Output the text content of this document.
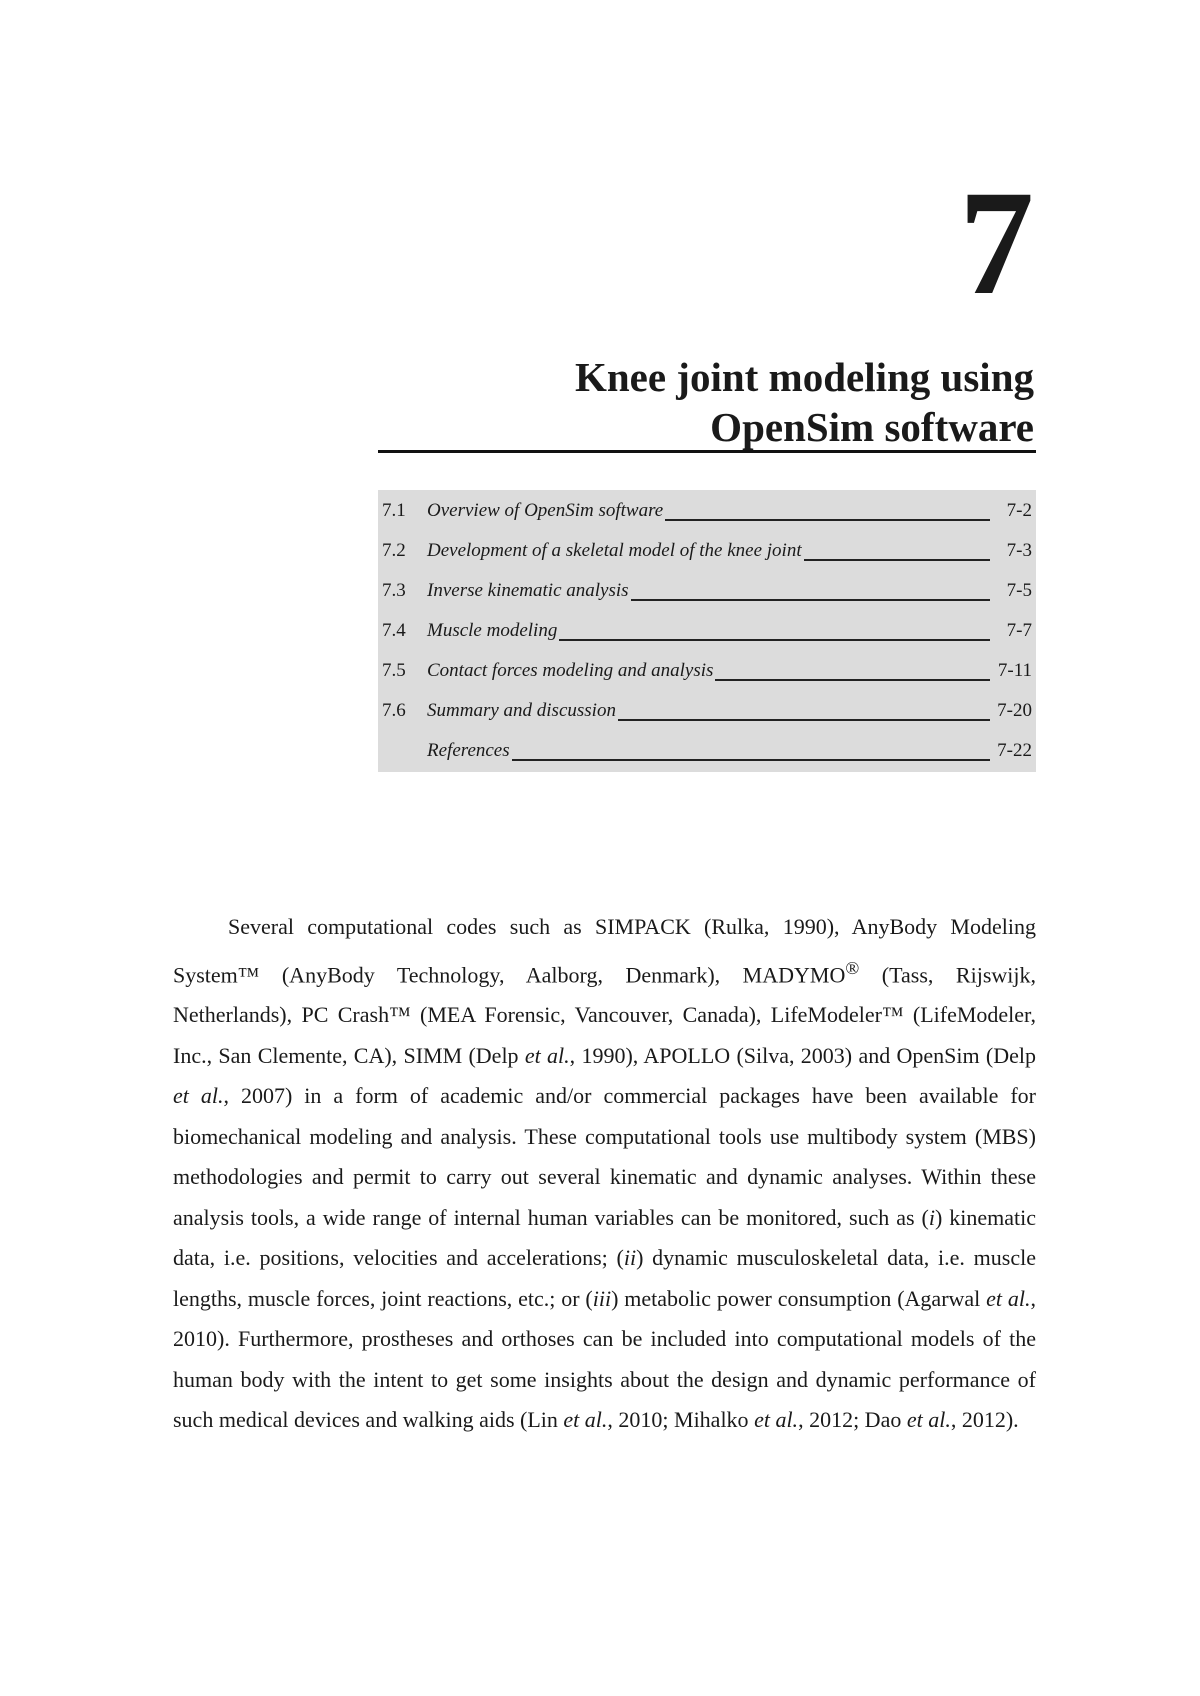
7
Knee joint modeling using
OpenSim software
7.1 Overview of OpenSim software	7-2
7.2 Development of a skeletal model of the knee joint	7-3
7.3 Inverse kinematic analysis	7-5
7.4 Muscle modeling	7-7
7.5 Contact forces modeling and analysis	7-11
7.6 Summary and discussion	7-20
References	7-22

Several computational codes such as SIMPACK (Rulka, 1990), AnyBody Modeling System™ (AnyBody Technology, Aalborg, Denmark), MADYMO® (Tass, Rijswijk, Netherlands), PC Crash™ (MEA Forensic, Vancouver, Canada), LifeModeler™ (LifeModeler, Inc., San Clemente, CA), SIMM (Delp et al., 1990), APOLLO (Silva, 2003) and OpenSim (Delp et al., 2007) in a form of academic and/or commercial packages have been available for biomechanical modeling and analysis. These computational tools use multibody system (MBS) methodologies and permit to carry out several kinematic and dynamic analyses. Within these analysis tools, a wide range of internal human variables can be monitored, such as (i) kinematic data, i.e. positions, velocities and accelerations; (ii) dynamic musculoskeletal data, i.e. muscle lengths, muscle forces, joint reactions, etc.; or (iii) metabolic power consumption (Agarwal et al., 2010). Furthermore, prostheses and orthoses can be included into computational models of the human body with the intent to get some insights about the design and dynamic performance of such medical devices and walking aids (Lin et al., 2010; Mihalko et al., 2012; Dao et al., 2012).
